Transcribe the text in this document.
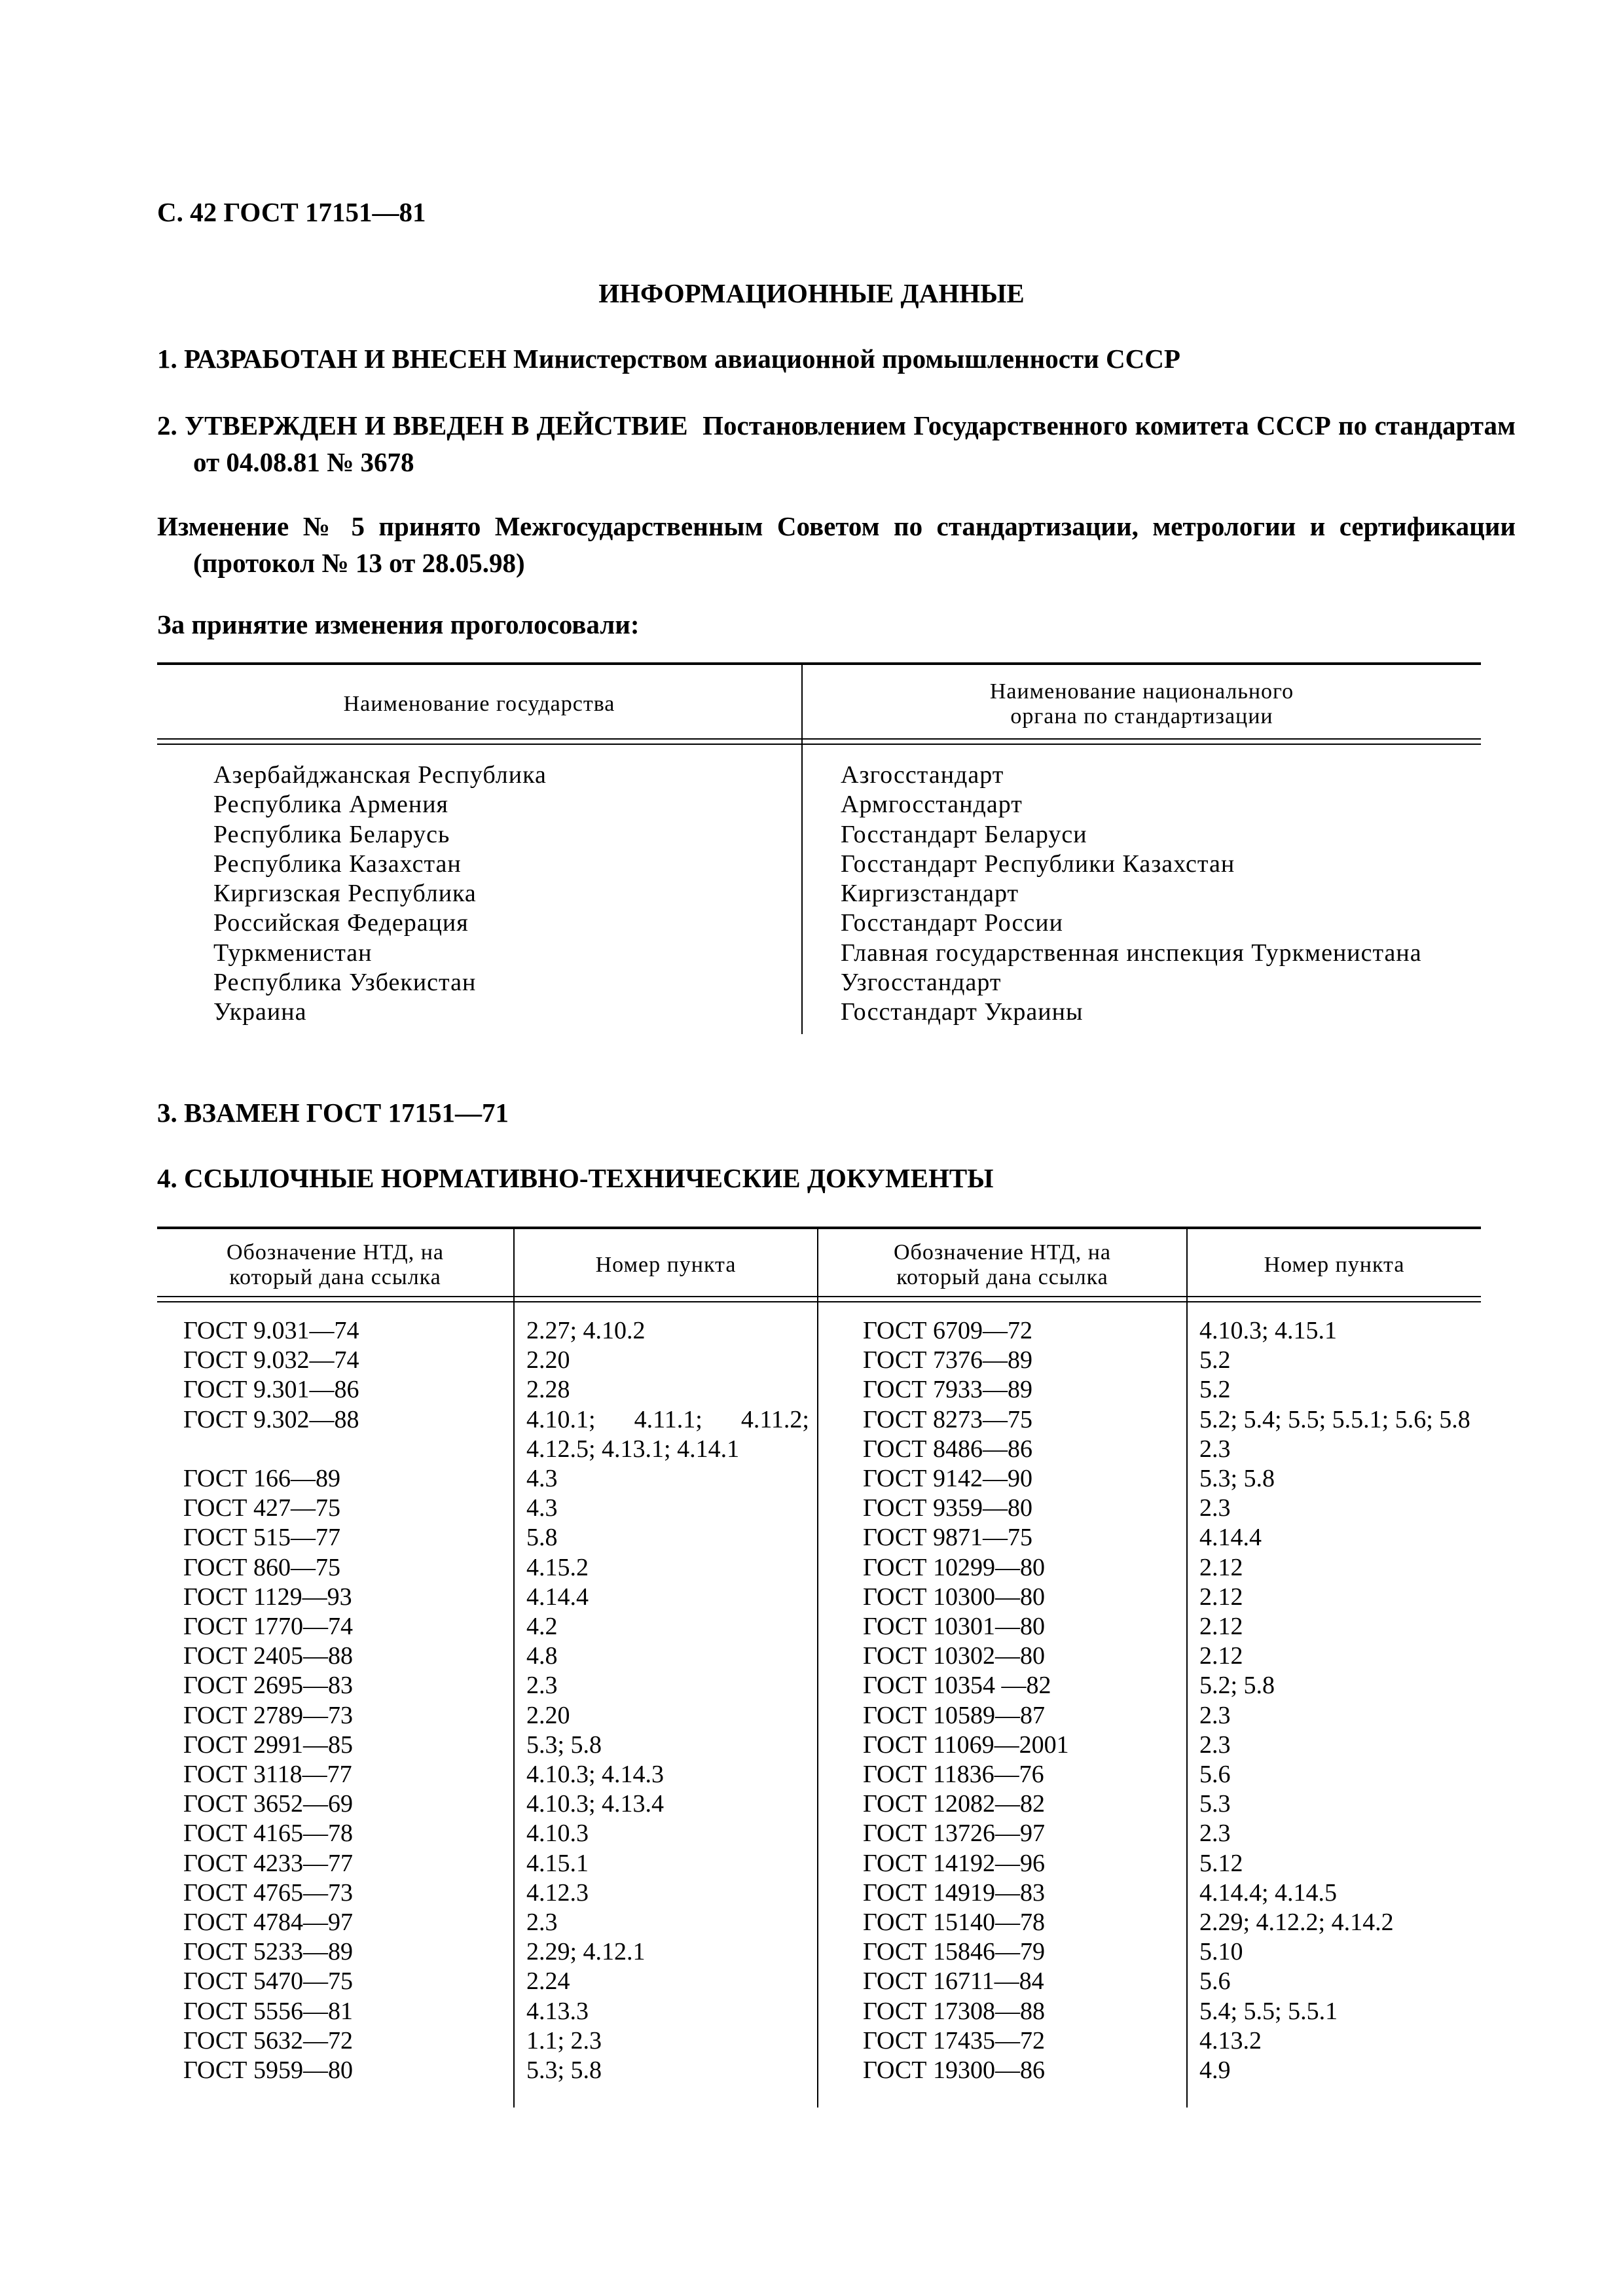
С. 42 ГОСТ 17151—81
ИНФОРМАЦИОННЫЕ ДАННЫЕ
1. РАЗРАБОТАН И ВНЕСЕН Министерством авиационной промышленности СССР
2. УТВЕРЖДЕН И ВВЕДЕН В ДЕЙСТВИЕ Постановлением Государственного комитета СССР по стандартам от 04.08.81 № 3678
Изменение № 5 принято Межгосударственным Советом по стандартизации, метрологии и сертификации (протокол № 13 от 28.05.98)
За принятие изменения проголосовали:
Наименование государства
Наименование национального органа по стандартизации
Азербайджанская Республика
Республика Армения
Республика Беларусь
Республика Казахстан
Киргизская Республика
Российская Федерация
Туркменистан
Республика Узбекистан
Украина
Азгосстандарт
Армгосстандарт
Госстандарт Беларуси
Госстандарт Республики Казахстан
Киргизстандарт
Госстандарт России
Главная государственная инспекция Туркменистана
Узгосстандарт
Госстандарт Украины
3. ВЗАМЕН ГОСТ 17151—71
4. ССЫЛОЧНЫЕ НОРМАТИВНО-ТЕХНИЧЕСКИЕ ДОКУМЕНТЫ
Обозначение НТД, на который дана ссылка
Номер пункта
Обозначение НТД, на который дана ссылка
Номер пункта
ГОСТ 9.031—74
ГОСТ 9.032—74
ГОСТ 9.301—86
ГОСТ 9.302—88
ГОСТ 166—89
ГОСТ 427—75
ГОСТ 515—77
ГОСТ 860—75
ГОСТ 1129—93
ГОСТ 1770—74
ГОСТ 2405—88
ГОСТ 2695—83
ГОСТ 2789—73
ГОСТ 2991—85
ГОСТ 3118—77
ГОСТ 3652—69
ГОСТ 4165—78
ГОСТ 4233—77
ГОСТ 4765—73
ГОСТ 4784—97
ГОСТ 5233—89
ГОСТ 5470—75
ГОСТ 5556—81
ГОСТ 5632—72
ГОСТ 5959—80
2.27; 4.10.2
2.20
2.28
4.10.1; 4.11.1; 4.11.2; 4.12.5; 4.13.1; 4.14.1
4.3
4.3
5.8
4.15.2
4.14.4
4.2
4.8
2.3
2.20
5.3; 5.8
4.10.3; 4.14.3
4.10.3; 4.13.4
4.10.3
4.15.1
4.12.3
2.3
2.29; 4.12.1
2.24
4.13.3
1.1; 2.3
5.3; 5.8
ГОСТ 6709—72
ГОСТ 7376—89
ГОСТ 7933—89
ГОСТ 8273—75
ГОСТ 8486—86
ГОСТ 9142—90
ГОСТ 9359—80
ГОСТ 9871—75
ГОСТ 10299—80
ГОСТ 10300—80
ГОСТ 10301—80
ГОСТ 10302—80
ГОСТ 10354 —82
ГОСТ 10589—87
ГОСТ 11069—2001
ГОСТ 11836—76
ГОСТ 12082—82
ГОСТ 13726—97
ГОСТ 14192—96
ГОСТ 14919—83
ГОСТ 15140—78
ГОСТ 15846—79
ГОСТ 16711—84
ГОСТ 17308—88
ГОСТ 17435—72
ГОСТ 19300—86
4.10.3; 4.15.1
5.2
5.2
5.2; 5.4; 5.5; 5.5.1; 5.6; 5.8
2.3
5.3; 5.8
2.3
4.14.4
2.12
2.12
2.12
2.12
5.2; 5.8
2.3
2.3
5.6
5.3
2.3
5.12
4.14.4; 4.14.5
2.29; 4.12.2; 4.14.2
5.10
5.6
5.4; 5.5; 5.5.1
4.13.2
4.9
